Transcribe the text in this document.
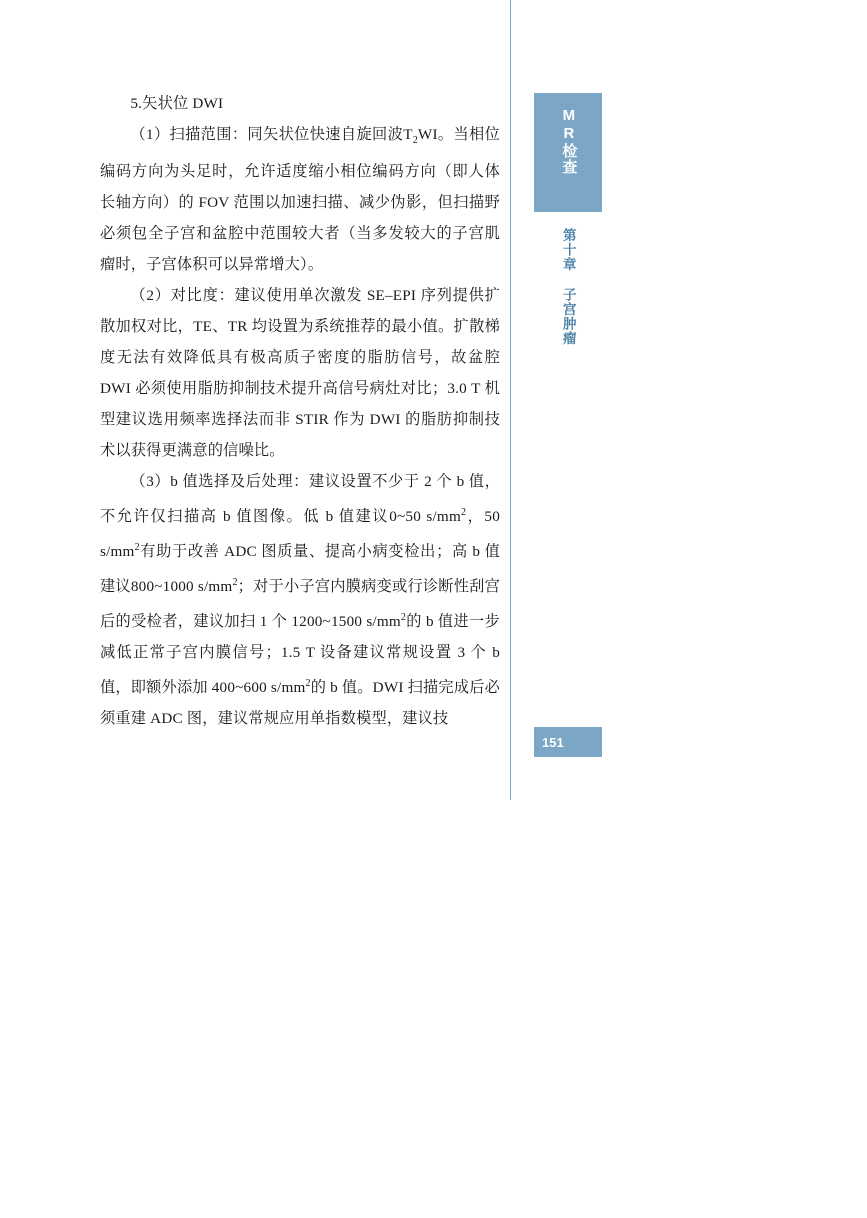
5.矢状位 DWI

（1）扫描范围：同矢状位快速自旋回波$T_2WI$。当相位编码方向为头足时，允许适度缩小相位编码方向（即人体长轴方向）的 FOV 范围以加速扫描、减少伪影，但扫描野必须包全子宫和盆腔中范围较大者（当多发较大的子宫肌瘤时，子宫体积可以异常增大）。

（2）对比度：建议使用单次激发 SE–EPI 序列提供扩散加权对比，TE、TR 均设置为系统推荐的最小值。扩散梯度无法有效降低具有极高质子密度的脂肪信号，故盆腔 DWI 必须使用脂肪抑制技术提升高信号病灶对比；3.0 T 机型建议选用频率选择法而非 STIR 作为 DWI 的脂肪抑制技术以获得更满意的信噪比。

（3）b 值选择及后处理：建议设置不少于 2 个 b 值，不允许仅扫描高 b 值图像。低 b 值建议0~50 $s/mm^2$，50 $s/mm^2$有助于改善 ADC 图质量、提高小病变检出；高 b 值建议800~1000 $s/mm^2$；对于小子宫内膜病变或行诊断性刮宫后的受检者，建议加扫 1 个 1200~1500 $s/mm^2$的 b 值进一步减低正常子宫内膜信号；1.5 T 设备建议常规设置 3 个 b 值，即额外添加 400~600 $s/mm^2$的 b 值。DWI 扫描完成后必须重建 ADC 图，建议常规应用单指数模型，建议技

MR检查
第十章 子宫肿瘤
151
